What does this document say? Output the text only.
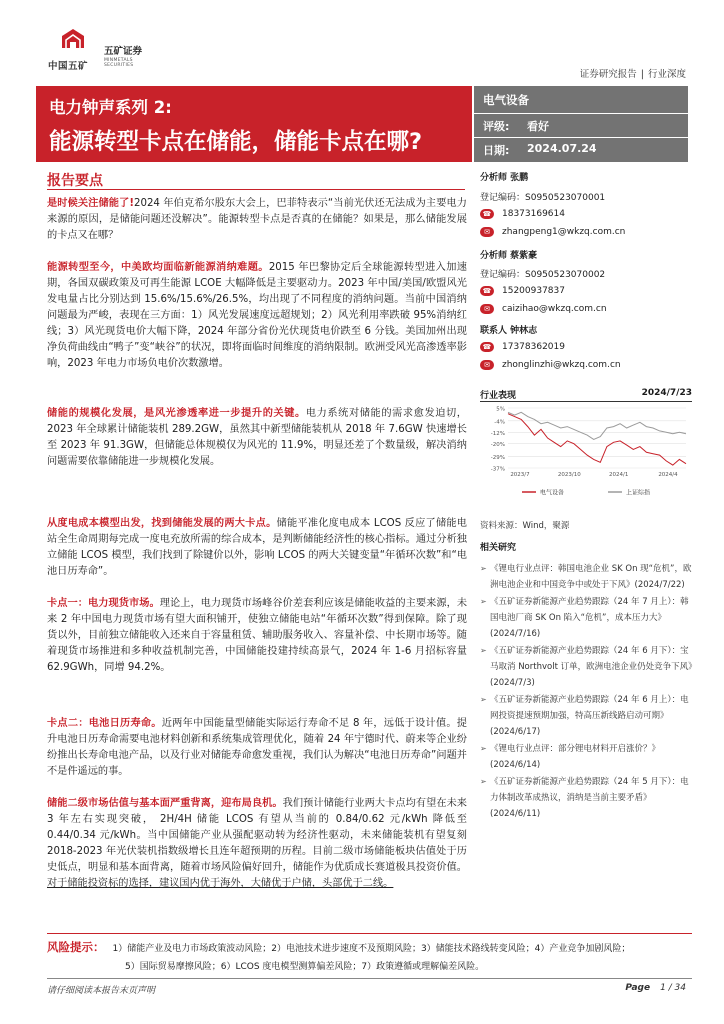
中国五矿
五矿证券
MINMETALS SECURITIES
证券研究报告 | 行业深度
电力钟声系列 2:
能源转型卡点在储能，储能卡点在哪?
电气设备
评级: 看好
日期: 2024.07.24
报告要点
是时候关注储能了!2024 年伯克希尔股东大会上，巴菲特表示“当前光伏还无法成为主要电力来源的原因，是储能问题还没解决”。能源转型卡点是否真的在储能？如果是，那么储能发展的卡点又在哪？
能源转型至今，中美欧均面临新能源消纳难题。2015 年巴黎协定后全球能源转型进入加速期，各国双碳政策及可再生能源 LCOE 大幅降低是主要驱动力。2023 年中国/美国/欧盟风光发电量占比分别达到 15.6%/15.6%/26.5%，均出现了不同程度的消纳问题。当前中国消纳问题最为严峻，表现在三方面：1）风光发展速度远超规划；2）风光利用率跌破 95%消纳红线；3）风光现货电价大幅下降，2024 年部分省份光伏现货电价跌至 6 分钱。美国加州出现净负荷曲线由“鸭子”变“峡谷”的状况，即将面临时间维度的消纳限制。欧洲受风光高渗透率影响，2023 年电力市场负电价次数激增。
储能的规模化发展，是风光渗透率进一步提升的关键。电力系统对储能的需求愈发迫切，2023 年全球累计储能装机 289.2GW，虽然其中新型储能装机从 2018 年 7.6GW 快速增长至 2023 年 91.3GW，但储能总体规模仅为风光的 11.9%，明显还差了个数量级，解决消纳问题需要依靠储能进一步规模化发展。
从度电成本模型出发，找到储能发展的两大卡点。储能平准化度电成本 LCOS 反应了储能电站全生命周期每完成一度电充放所需的综合成本，是判断储能经济性的核心指标。通过分析独立储能 LCOS 模型，我们找到了除键价以外，影响 LCOS 的两大关键变量“年循环次数”和“电池日历寿命”。
卡点一：电力现货市场。理论上，电力现货市场峰谷价差套利应该是储能收益的主要来源，未来 2 年中国电力现货市场有望大面积铺开，使独立储能电站“年循环次数”得到保障。除了现货以外，目前独立储能收入还来自于容量租赁、辅助服务收入、容量补偿、中长期市场等。随着现货市场推进和多种收益机制完善，中国储能投建持续高景气，2024 年 1-6 月招标容量 62.9GWh，同增 94.2%。
卡点二：电池日历寿命。近两年中国能量型储能实际运行寿命不足 8 年，远低于设计值。提升电池日历寿命需要电池材料创新和系统集成管理优化，随着 24 年宁德时代、蔚来等企业纷纷推出长寿命电池产品，以及行业对储能寿命愈发重视，我们认为解决“电池日历寿命”问题并不是件遥远的事。
储能二级市场估值与基本面严重背离，迎布局良机。我们预计储能行业两大卡点均有望在未来 3 年左右实现突破， 2H/4H 储能 LCOS 有望从当前的 0.84/0.62 元/kWh 降低至 0.44/0.34 元/kWh。当中国储能产业从强配驱动转为经济性驱动，未来储能装机有望复刻 2018-2023 年光伏装机指数级增长且连年超预期的历程。目前二级市场储能板块估值处于历史低点，明显和基本面背离，随着市场风险偏好回升，储能作为优质成长赛道极具投资价值。对于储能投资标的选择，建议国内优于海外，大储优于户储，头部优于二线。
分析师 张鹏
登记编码：S0950523070001
☎ 18373169614
✉ zhangpeng1@wkzq.com.cn
分析师 蔡紫豪
登记编码：S0950523070002
☎ 15200937837
✉ caizihao@wkzq.com.cn
联系人 钟林志
☎ 17378362019
✉ zhonglinzhi@wkzq.com.cn
行业表现	2024/7/23
5%
-4%
-12%
-20%
-29%
-37%
2023/7	2023/10	2024/1	2024/4
电气设备	上证综指
资料来源：Wind，聚源
相关研究
➢ 《锂电行业点评：韩国电池企业 SK On 现“危机”，欧洲电池企业和中国竞争中或处于下风》(2024/7/22)
➢ 《五矿证券新能源产业趋势跟踪（24 年 7 月上）：韩国电池厂商 SK On 陷入“危机”，成本压力大》(2024/7/16)
➢ 《五矿证券新能源产业趋势跟踪（24 年 6 月下）：宝马取消 Northvolt 订单，欧洲电池企业仍处竞争下风》(2024/7/3)
➢ 《五矿证券新能源产业趋势跟踪（24 年 6 月上）：电网投资提速预期加强，特高压新线路启动可期》(2024/6/17)
➢ 《锂电行业点评：部分锂电材料开启涨价？》(2024/6/14)
➢ 《五矿证券新能源产业趋势跟踪（24 年 5 月下）：电力体制改革成热议，消纳是当前主要矛盾》(2024/6/11)
风险提示： 1）储能产业及电力市场政策波动风险；2）电池技术进步速度不及预期风险；3）储能技术路线转变风险；4）产业竞争加剧风险；
5）国际贸易摩擦风险；6）LCOS 度电模型测算偏差风险；7）政策遵循或理解偏差风险。
请仔细阅读本报告末页声明	Page 1 / 34
